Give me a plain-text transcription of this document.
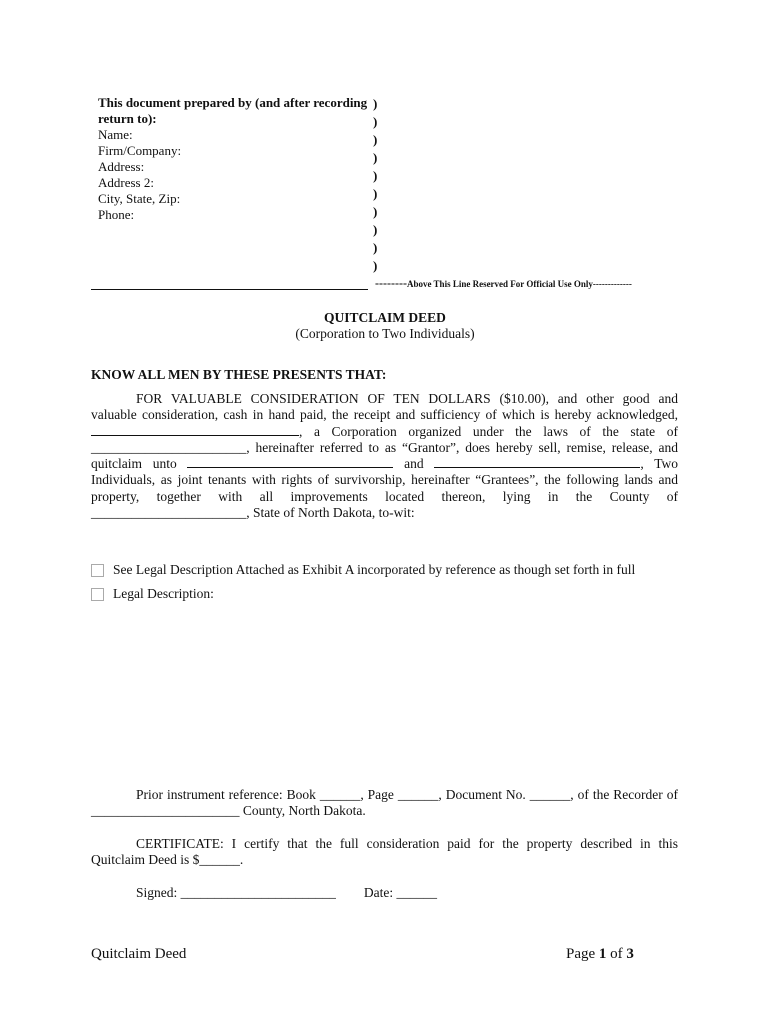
This document prepared by (and after recording return to):
Name:
Firm/Company:
Address:
Address 2:
City, State, Zip:
Phone:
)
)
)
)
)
)
)
)
)
)
--------Above This Line Reserved For Official Use Only-------------
QUITCLAIM DEED
(Corporation to Two Individuals)
KNOW ALL MEN BY THESE PRESENTS THAT:
FOR VALUABLE CONSIDERATION OF TEN DOLLARS ($10.00), and other good and
valuable consideration, cash in hand paid, the receipt and sufficiency of which is hereby acknowledged,
, a Corporation organized under the laws of the state of
_______________________, hereinafter referred to as “Grantor”, does hereby sell, remise, release, and
quitclaim unto	and	, Two
Individuals, as joint tenants with rights of survivorship, hereinafter “Grantees”, the following lands and
property, together with all improvements located thereon, lying in the County of
_______________________, State of North Dakota, to-wit:
See Legal Description Attached as Exhibit A incorporated by reference as though set forth in full
Legal Description:
Prior instrument reference: Book ______, Page ______, Document No. ______, of the Recorder of
______________________ County, North Dakota.
CERTIFICATE: I certify that the full consideration paid for the property described in this
Quitclaim Deed is $______.
Signed: _______________________ Date: ______
Quitclaim Deed	Page 1 of 3
